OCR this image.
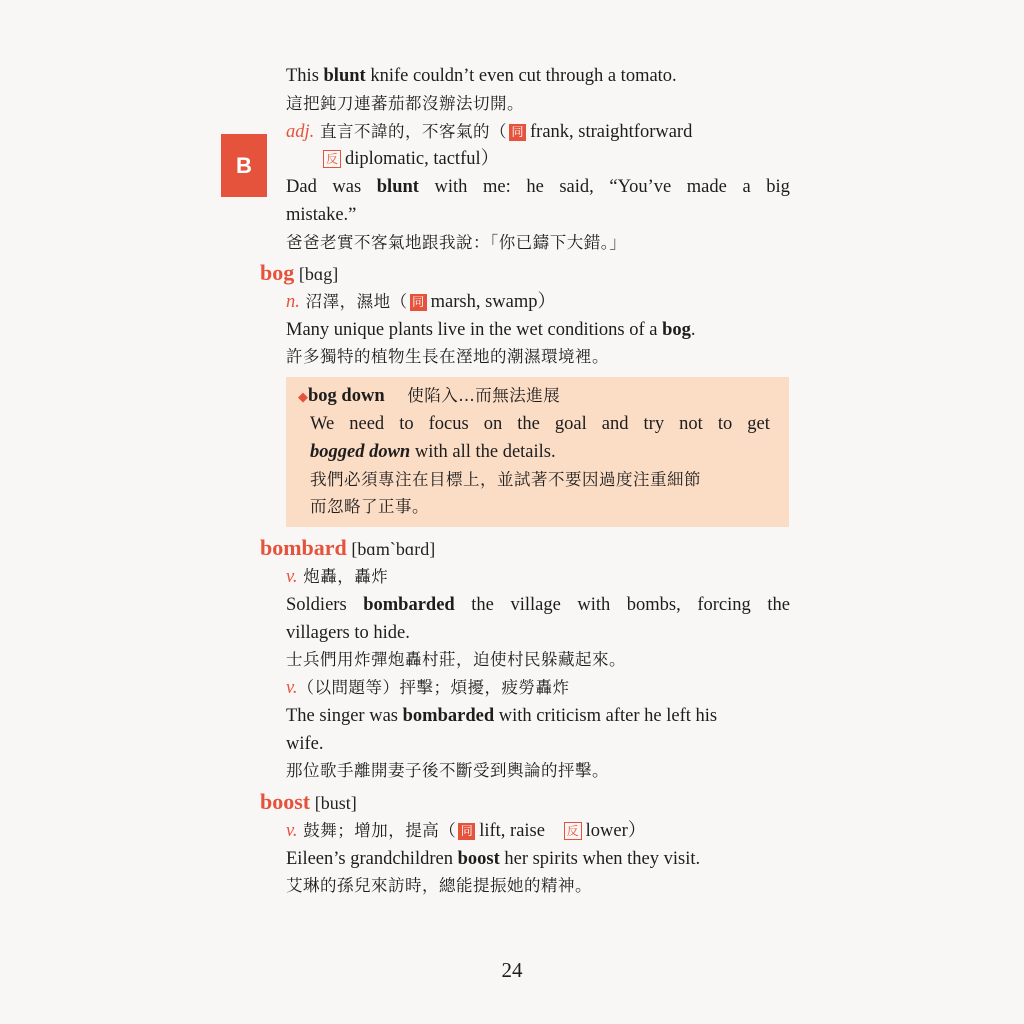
B
This blunt knife couldn’t even cut through a tomato.
這把鈍刀連蕃茄都沒辦法切開。
adj. 直言不諱的，不客氣的（ 同 frank, straightforward
反 diplomatic, tactful）
Dad was blunt with me: he said, “You’ve made a big
mistake.”
爸爸老實不客氣地跟我說：「你已鑄下大錯。」
bog [bɑg]
n. 沼澤，濕地（ 同 marsh, swamp）
Many unique plants live in the wet conditions of a bog.
許多獨特的植物生長在溼地的潮濕環境裡。
◆bog down 使陷入…而無法進展
We need to focus on the goal and try not to get
bogged down with all the details.
我們必須專注在目標上，並試著不要因過度注重細節
而忽略了正事。
bombard [bɑm`bɑrd]
v. 炮轟，轟炸
Soldiers bombarded the village with bombs, forcing the
villagers to hide.
士兵們用炸彈炮轟村莊，迫使村民躲藏起來。
v.（以問題等）抨擊；煩擾，疲勞轟炸
The singer was bombarded with criticism after he left his
wife.
那位歌手離開妻子後不斷受到輿論的抨擊。
boost [bust]
v. 鼓舞；增加，提高（ 同 lift, raise 反 lower）
Eileen’s grandchildren boost her spirits when they visit.
艾琳的孫兒來訪時，總能提振她的精神。
24
